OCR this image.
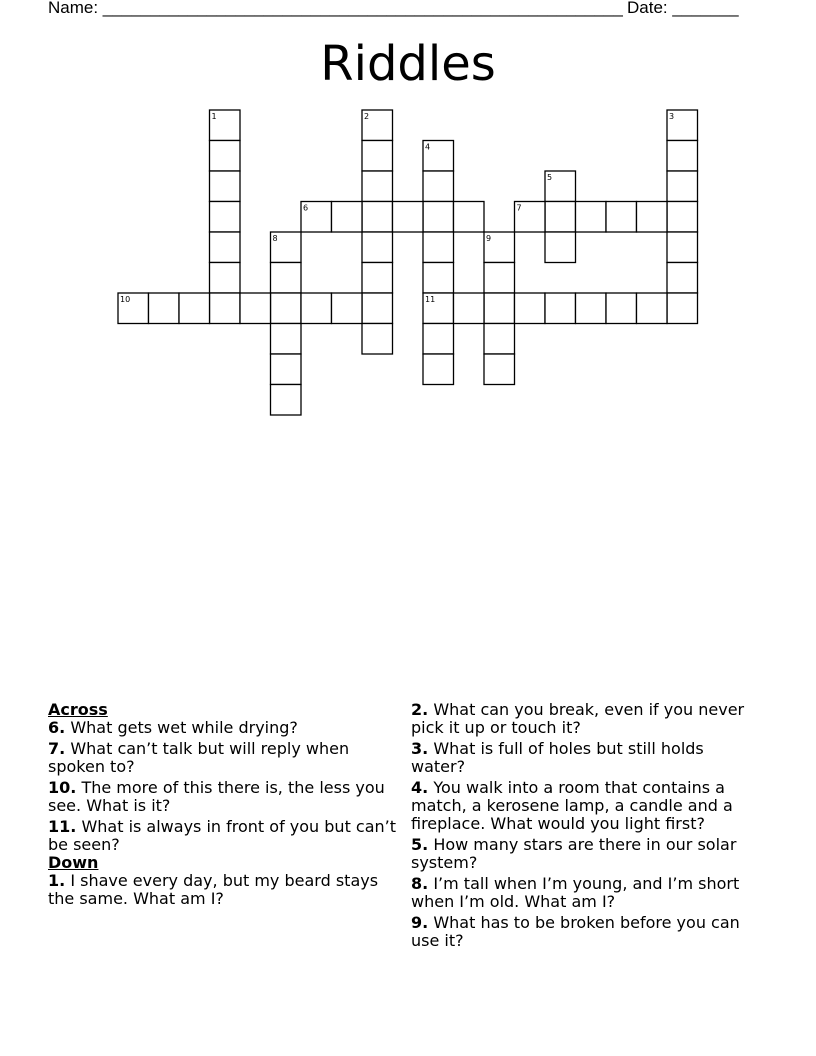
Name: _______________________________________________________ Date: _______
Riddles
1	2	3
4
5
6	7
8	9
10	11

Across

6. What gets wet while drying?

7. What can’t talk but will reply when spoken to?

10. The more of this there is, the less you see. What is it?

11. What is always in front of you but can’t be seen?

Down

1. I shave every day, but my beard stays the same. What am I?

2. What can you break, even if you never pick it up or touch it?

3. What is full of holes but still holds water?

4. You walk into a room that contains a match, a kerosene lamp, a candle and a fireplace. What would you light first?

5. How many stars are there in our solar system?

8. I’m tall when I’m young, and I’m short when I’m old. What am I?

9. What has to be broken before you can use it?
